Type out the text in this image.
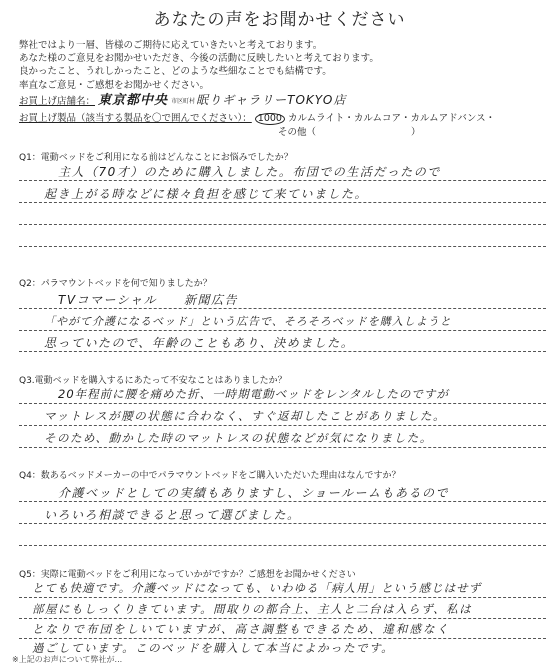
あなたの声をお聞かせください
弊社ではより一層、皆様のご期待に応えていきたいと考えております。
あなた様のご意見をお聞かせいただき、今後の活動に反映したいと考えております。
良かったこと、うれしかったこと、どのような些細なことでも結構です。
率直なご意見・ご感想をお聞かせください。
お買上げ店舗名： 東京都中央 市区町村 眠りギャラリーTOKYO店
お買上げ製品（該当する製品を〇で囲んでください）： 1000 カルムライト・カルムコア・カルムアドバンス・
その他（　　　　　　　　　　）
Q1：電動ベッドをご利用になる前はどんなことにお悩みでしたか？
主人（70才）のために購入しました。布団での生活だったので
起き上がる時などに様々負担を感じて来ていました。
Q2：パラマウントベッドを何で知りましたか？
TVコマーシャル　　新聞広告
「やがて介護になるベッド」という広告で、そろそろベッドを購入しようと
思っていたので、年齢のこともあり、決めました。
Q3.電動ベッドを購入するにあたって不安なことはありましたか？
20年程前に腰を痛めた折、一時期電動ベッドをレンタルしたのですが
マットレスが腰の状態に合わなく、すぐ返却したことがありました。
そのため、動かした時のマットレスの状態などが気になりました。
Q4：数あるベッドメーカーの中でパラマウントベッドをご購入いただいた理由はなんですか？
介護ベッドとしての実績もありますし、ショールームもあるので
いろいろ相談できると思って選びました。
Q5：実際に電動ベッドをご利用になっていかがですか？ご感想をお聞かせください
とても快適です。介護ベッドになっても、いわゆる「病人用」という感じはせず
部屋にもしっくりきています。間取りの都合上、主人と二台は入らず、私は
となりで布団をしいていますが、高さ調整もできるため、違和感なく
過ごしています。このベッドを購入して本当によかったです。
※上記のお声について弊社が...
